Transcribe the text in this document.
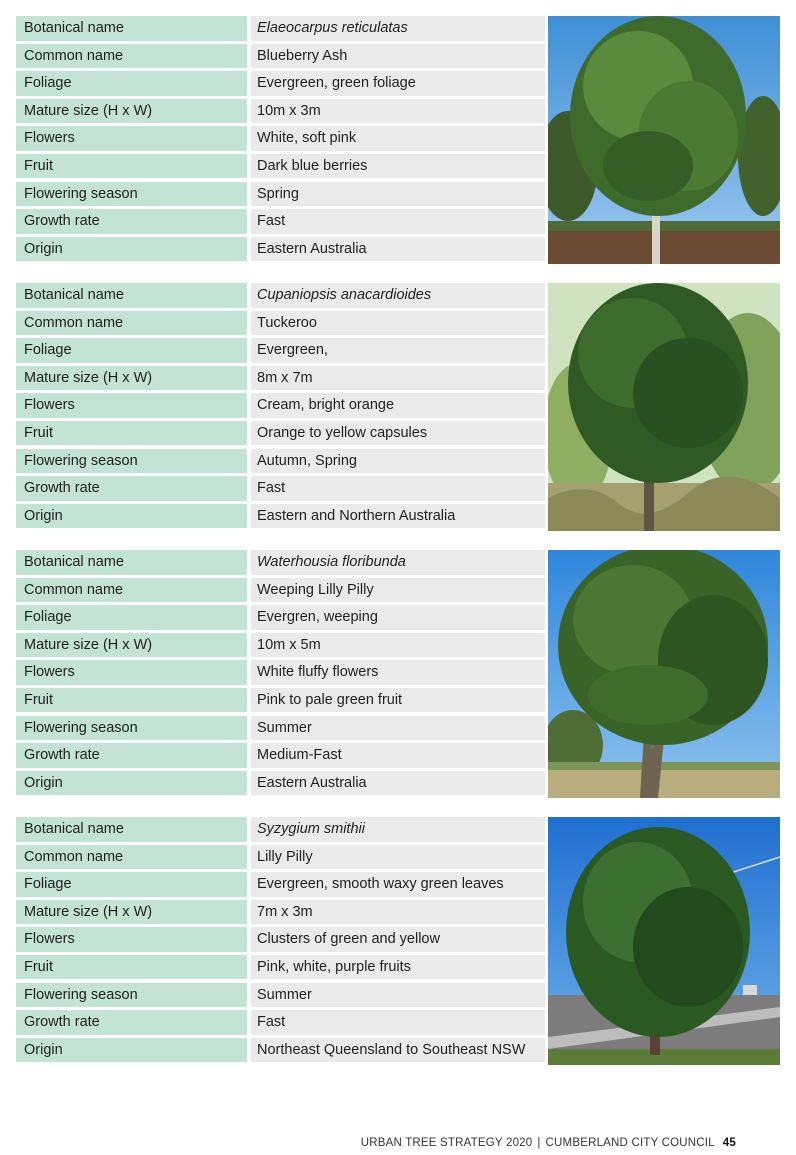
Botanical name	Elaeocarpus reticulatas
Common name	Blueberry Ash
Foliage	Evergreen, green foliage
Mature size (H x W)	10m x 3m
Flowers	White, soft pink
Fruit	Dark blue berries
Flowering season	Spring
Growth rate	Fast
Origin	Eastern Australia
Botanical name	Cupaniopsis anacardioides
Common name	Tuckeroo
Foliage	Evergreen,
Mature size (H x W)	8m x 7m
Flowers	Cream, bright orange
Fruit	Orange to yellow capsules
Flowering season	Autumn, Spring
Growth rate	Fast
Origin	Eastern and Northern Australia
Botanical name	Waterhousia floribunda
Common name	Weeping Lilly Pilly
Foliage	Evergren, weeping
Mature size (H x W)	10m x 5m
Flowers	White fluffy flowers
Fruit	Pink to pale green fruit
Flowering season	Summer
Growth rate	Medium-Fast
Origin	Eastern Australia
Botanical name	Syzygium smithii
Common name	Lilly Pilly
Foliage	Evergreen, smooth waxy green leaves
Mature size (H x W)	7m x 3m
Flowers	Clusters of green and yellow
Fruit	Pink, white, purple fruits
Flowering season	Summer
Growth rate	Fast
Origin	Northeast Queensland to Southeast NSW
URBAN TREE STRATEGY 2020 | CUMBERLAND CITY COUNCIL 45
